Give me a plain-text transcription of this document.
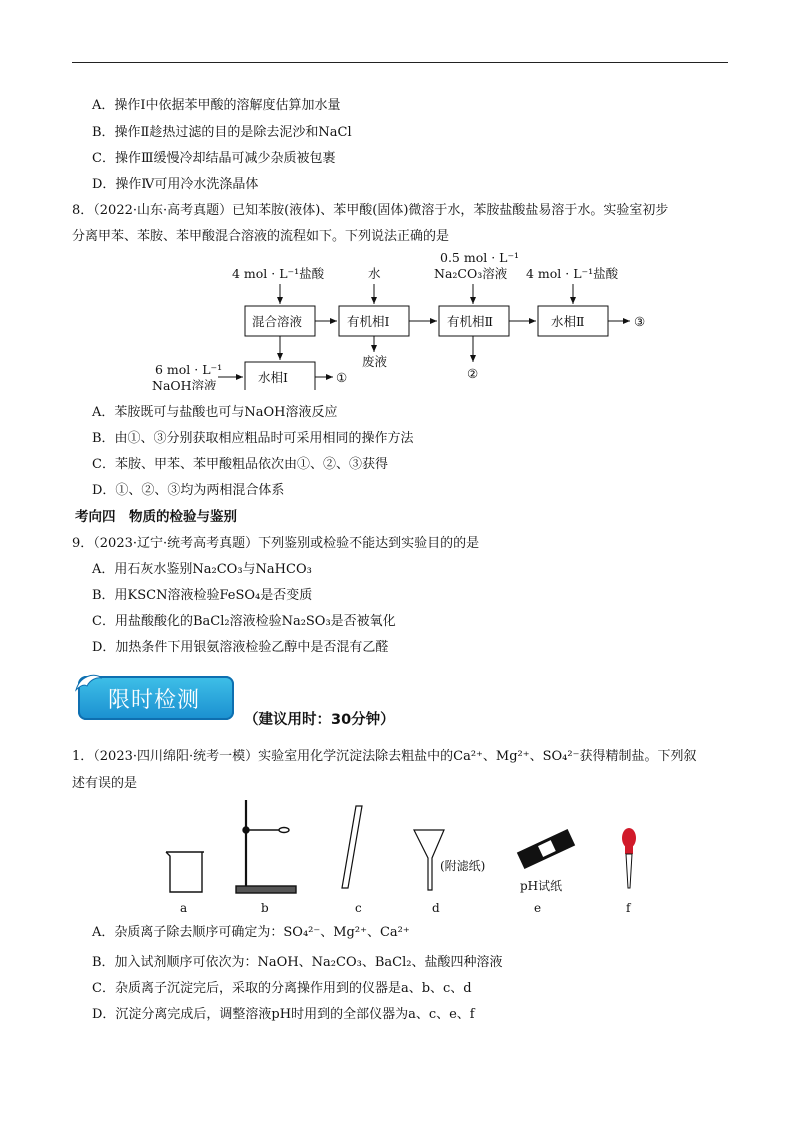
A．操作Ⅰ中依据苯甲酸的溶解度估算加水量
B．操作Ⅱ趁热过滤的目的是除去泥沙和NaCl
C．操作Ⅲ缓慢冷却结晶可减少杂质被包裹
D．操作Ⅳ可用冷水洗涤晶体
8．（2022·山东·高考真题）已知苯胺(液体)、苯甲酸(固体)微溶于水，苯胺盐酸盐易溶于水。实验室初步
分离甲苯、苯胺、苯甲酸混合溶液的流程如下。下列说法正确的是
4 mol · L⁻¹盐酸	水
0.5 mol · L⁻¹
Na₂CO₃溶液 4 mol · L⁻¹盐酸
混合溶液	有机相Ⅰ	有机相Ⅱ	水相Ⅱ
水相Ⅰ
6 mol · L⁻¹
NaOH溶液
废液
①	②
③
A．苯胺既可与盐酸也可与NaOH溶液反应
B．由①、③分别获取相应粗品时可采用相同的操作方法
C．苯胺、甲苯、苯甲酸粗品依次由①、②、③获得
D．①、②、③均为两相混合体系
考向四　物质的检验与鉴别
9．（2023·辽宁·统考高考真题）下列鉴别或检验不能达到实验目的的是
A．用石灰水鉴别Na₂CO₃与NaHCO₃
B．用KSCN溶液检验FeSO₄是否变质
C．用盐酸酸化的BaCl₂溶液检验Na₂SO₃是否被氧化
D．加热条件下用银氨溶液检验乙醇中是否混有乙醛
限时检测
（建议用时：30分钟）
1．（2023·四川绵阳·统考一模）实验室用化学沉淀法除去粗盐中的Ca²⁺、Mg²⁺、SO₄²⁻获得精制盐。下列叙
述有误的是
a	b	c	d	e	f
(附滤纸)
pH试纸
A．杂质离子除去顺序可确定为：SO₄²⁻、Mg²⁺、Ca²⁺
B．加入试剂顺序可依次为：NaOH、Na₂CO₃、BaCl₂、盐酸四种溶液
C．杂质离子沉淀完后，采取的分离操作用到的仪器是a、b、c、d
D．沉淀分离完成后，调整溶液pH时用到的全部仪器为a、c、e、f
